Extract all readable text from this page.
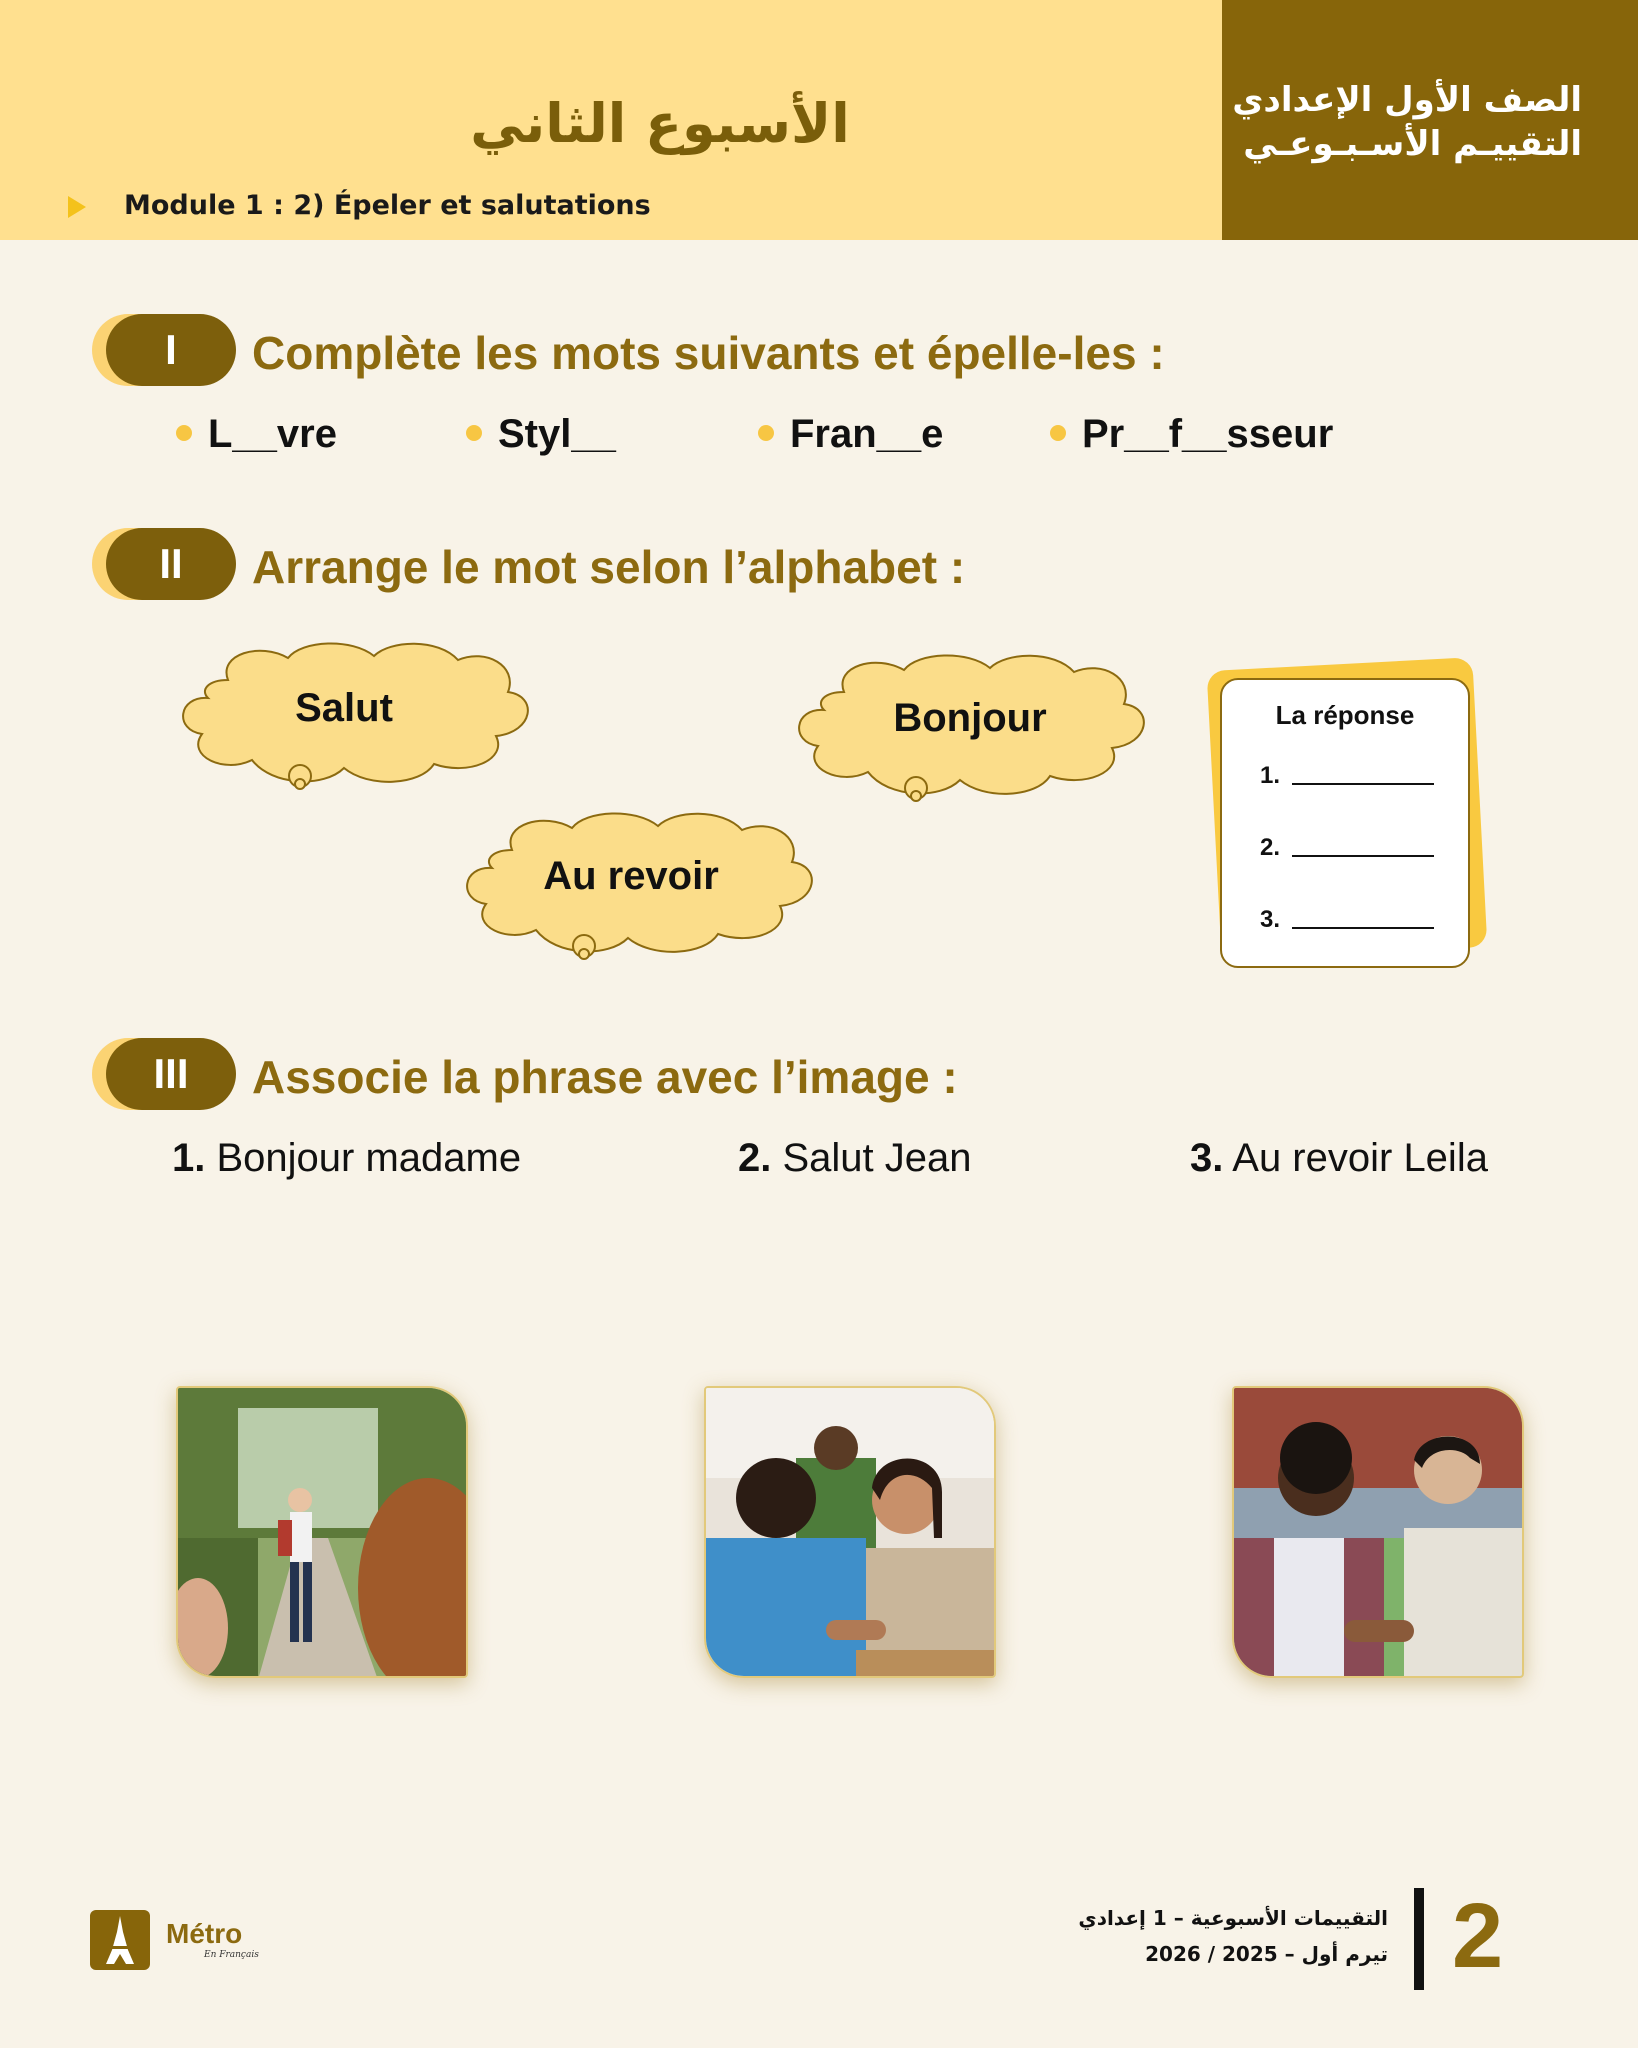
الأسبوع الثاني
Module 1 : 2) Épeler et salutations
الصف الأول الإعدادي
التقييـم الأسـبـوعـي
I	Complète les mots suivants et épelle-les :
L__vre	Styl__	Fran__e	Pr__f__sseur
II	Arrange le mot selon l’alphabet :
Salut	Bonjour
Au revoir
La réponse
1.
2.
3.
III	Associe la phrase avec l’image :
1. Bonjour madame	2. Salut Jean	3. Au revoir Leila
Métro
En Français
التقييمات الأسبوعية – 1 إعدادي
تيرم أول – 2025 / 2026 2
